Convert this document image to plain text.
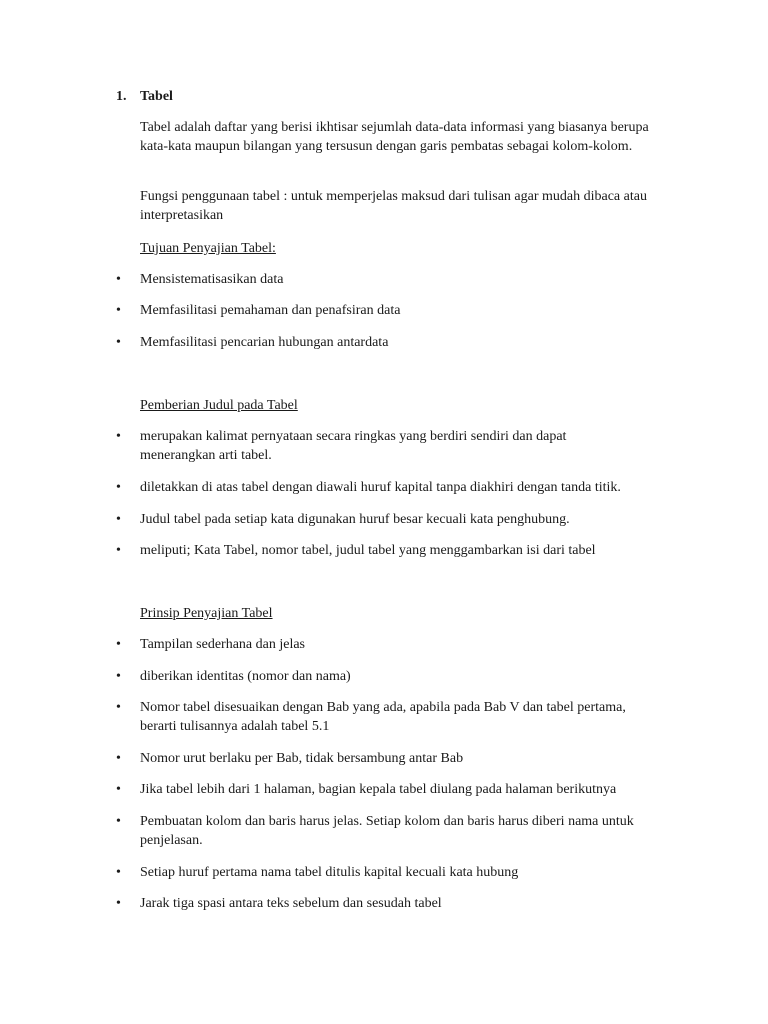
1. Tabel
Tabel adalah daftar yang berisi ikhtisar sejumlah data-data informasi yang biasanya berupa kata-kata maupun bilangan yang tersusun dengan garis pembatas sebagai kolom-kolom.
Fungsi penggunaan tabel : untuk memperjelas maksud dari tulisan agar mudah dibaca atau interpretasikan
Tujuan Penyajian Tabel:
• Mensistematisasikan data
• Memfasilitasi pemahaman dan penafsiran data
• Memfasilitasi pencarian hubungan antardata
Pemberian Judul pada Tabel
• merupakan kalimat pernyataan secara ringkas yang berdiri sendiri dan dapat menerangkan arti tabel.
• diletakkan di atas tabel dengan diawali huruf kapital tanpa diakhiri dengan tanda titik.
• Judul tabel pada setiap kata digunakan huruf besar kecuali kata penghubung.
• meliputi; Kata Tabel, nomor tabel, judul tabel yang menggambarkan isi dari tabel
Prinsip Penyajian Tabel
• Tampilan sederhana dan jelas
• diberikan identitas (nomor dan nama)
• Nomor tabel disesuaikan dengan Bab yang ada, apabila pada Bab V dan tabel pertama, berarti tulisannya adalah tabel 5.1
• Nomor urut berlaku per Bab, tidak bersambung antar Bab
• Jika tabel lebih dari 1 halaman, bagian kepala tabel diulang pada halaman berikutnya
• Pembuatan kolom dan baris harus jelas. Setiap kolom dan baris harus diberi nama untuk penjelasan.
• Setiap huruf pertama nama tabel ditulis kapital kecuali kata hubung
• Jarak tiga spasi antara teks sebelum dan sesudah tabel
